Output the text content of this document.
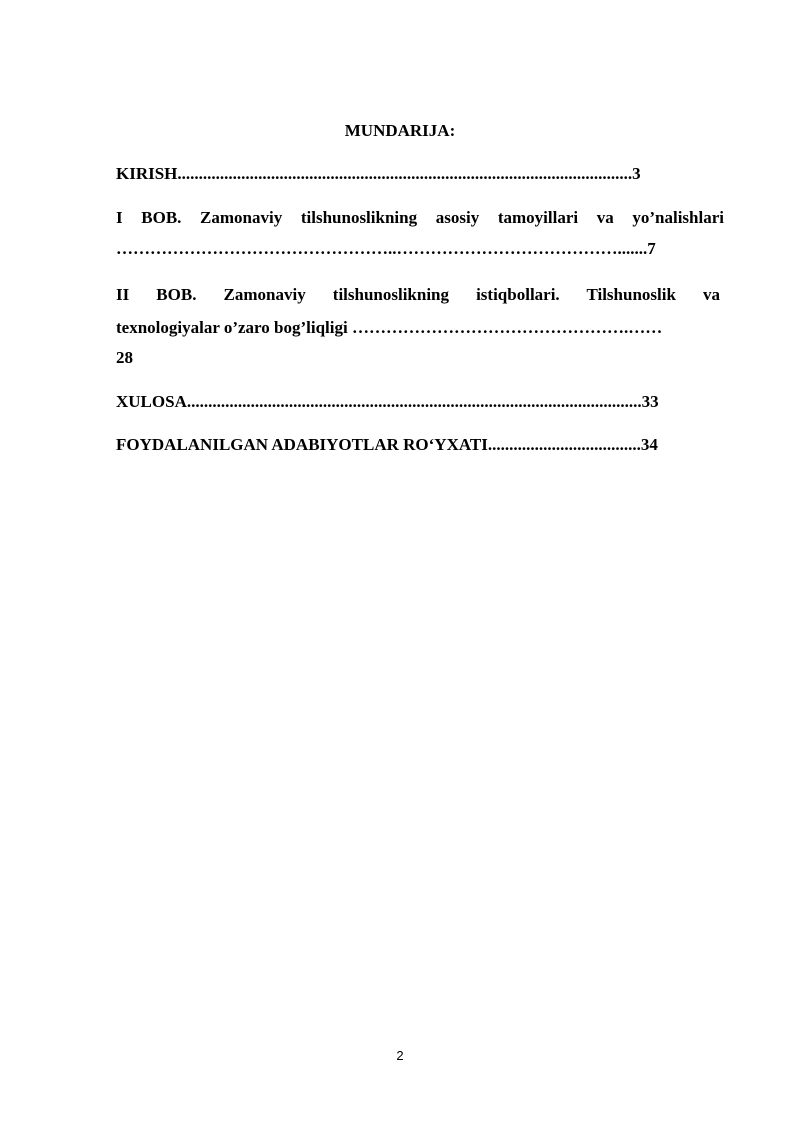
MUNDARIJA:
KIRISH...........................................................................................................3
I BOB. Zamonaviy tilshunoslikning asosiy tamoyillari va yo’nalishlari
…………………………………………..………………………………….......7
II BOB. Zamonaviy tilshunoslikning istiqbollari. Tilshunoslik va
texnologiyalar o’zaro bog’liqligi ………………………………………….……
28
XULOSA...........................................................................................................33
FOYDALANILGAN ADABIYOTLAR RO‘YXATI....................................34
2
